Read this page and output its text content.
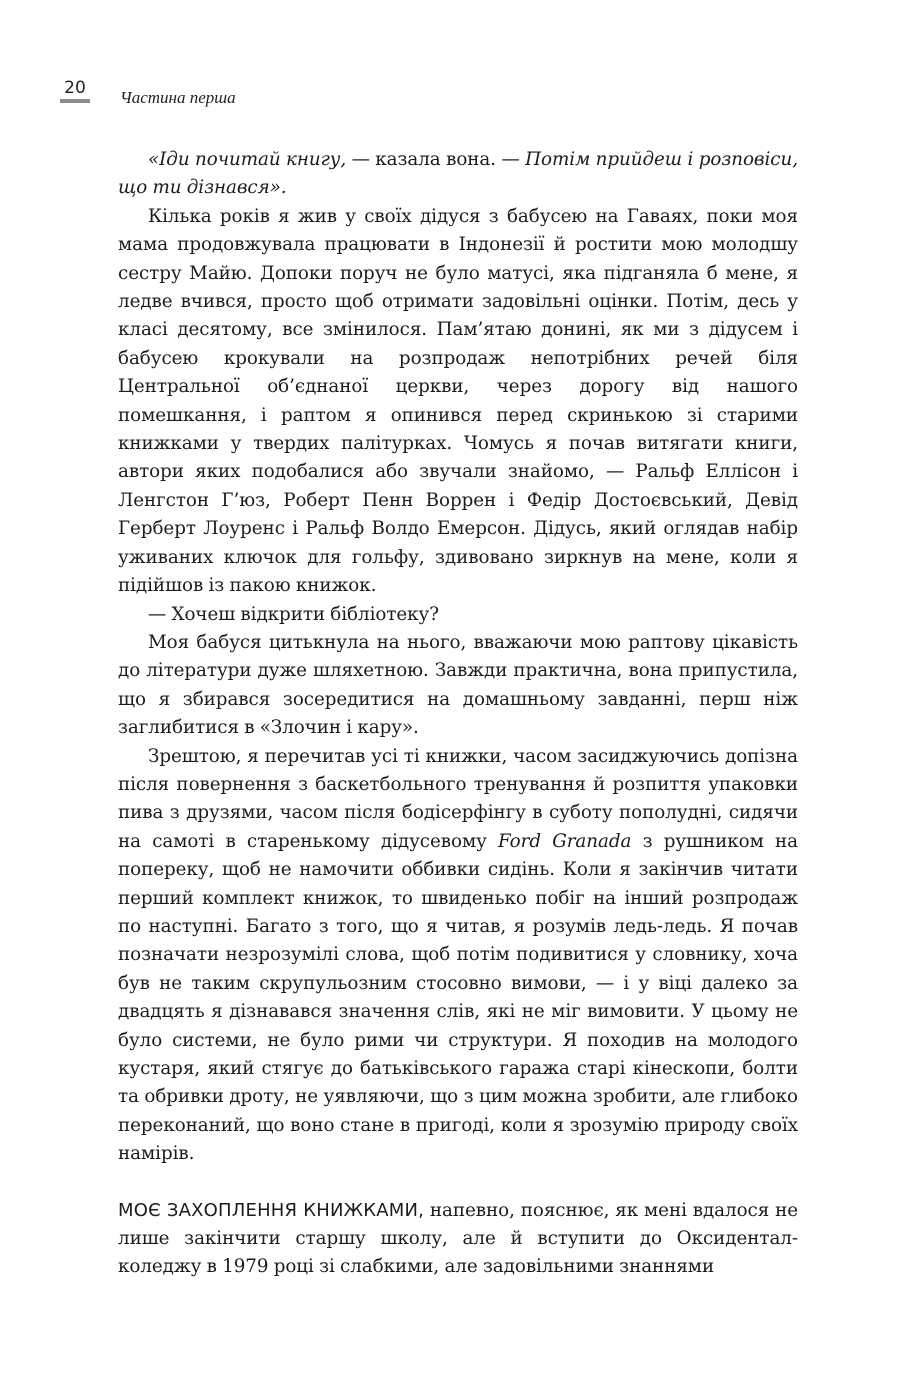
20 Частина перша

«Іди почитай книгу, — казала вона. — Потім прийдеш і розповіси, що ти дізнався».

Кілька років я жив у своїх дідуся з бабусею на Гаваях, поки моя мама продовжувала працювати в Індонезії й ростити мою молодшу сестру Майю. Допоки поруч не було матусі, яка підганяла б мене, я ледве вчився, просто щоб отримати задовільні оцінки. Потім, десь у класі десятому, все змінилося. Пам’ятаю донині, як ми з дідусем і бабусею крокували на розпродаж непотрібних речей біля Центральної об’єднаної церкви, через дорогу від нашого помешкання, і раптом я опинився перед скринькою зі старими книжками у твердих палітурках. Чомусь я почав витягати книги, автори яких подобалися або звучали знайомо, — Ральф Еллісон і Ленгстон Г’юз, Роберт Пенн Воррен і Федір Достоєвський, Девід Герберт Лоуренс і Ральф Волдо Емерсон. Дідусь, який оглядав набір уживаних ключок для гольфу, здивовано зиркнув на мене, коли я підійшов із пакою книжок.

— Хочеш відкрити бібліотеку?

Моя бабуся цитькнула на нього, вважаючи мою раптову цікавість до літератури дуже шляхетною. Завжди практична, вона припустила, що я збирався зосередитися на домашньому завданні, перш ніж заглибитися в «Злочин і кару».

Зрештою, я перечитав усі ті книжки, часом засиджуючись допізна після повернення з баскетбольного тренування й розпиття упаковки пива з друзями, часом після бодісерфінгу в суботу пополудні, сидячи на самоті в старенькому дідусевому Ford Granada з рушником на попереку, щоб не намочити оббивки сидінь. Коли я закінчив читати перший комплект книжок, то швиденько побіг на інший розпродаж по наступні. Багато з того, що я читав, я розумів ледь-ледь. Я почав позначати незрозумілі слова, щоб потім подивитися у словнику, хоча був не таким скрупульозним стосовно вимови, — і у віці далеко за двадцять я дізнавався значення слів, які не міг вимовити. У цьому не було системи, не було рими чи структури. Я походив на молодого кустаря, який стягує до батьківського гаража старі кінескопи, болти та обривки дроту, не уявляючи, що з цим можна зробити, але глибоко переконаний, що воно стане в пригоді, коли я зрозумію природу своїх намірів.

МОЄ ЗАХОПЛЕННЯ КНИЖКАМИ, напевно, пояснює, як мені вдалося не лише закінчити старшу школу, але й вступити до Оксидентал-коледжу в 1979 році зі слабкими, але задовільними знаннями
